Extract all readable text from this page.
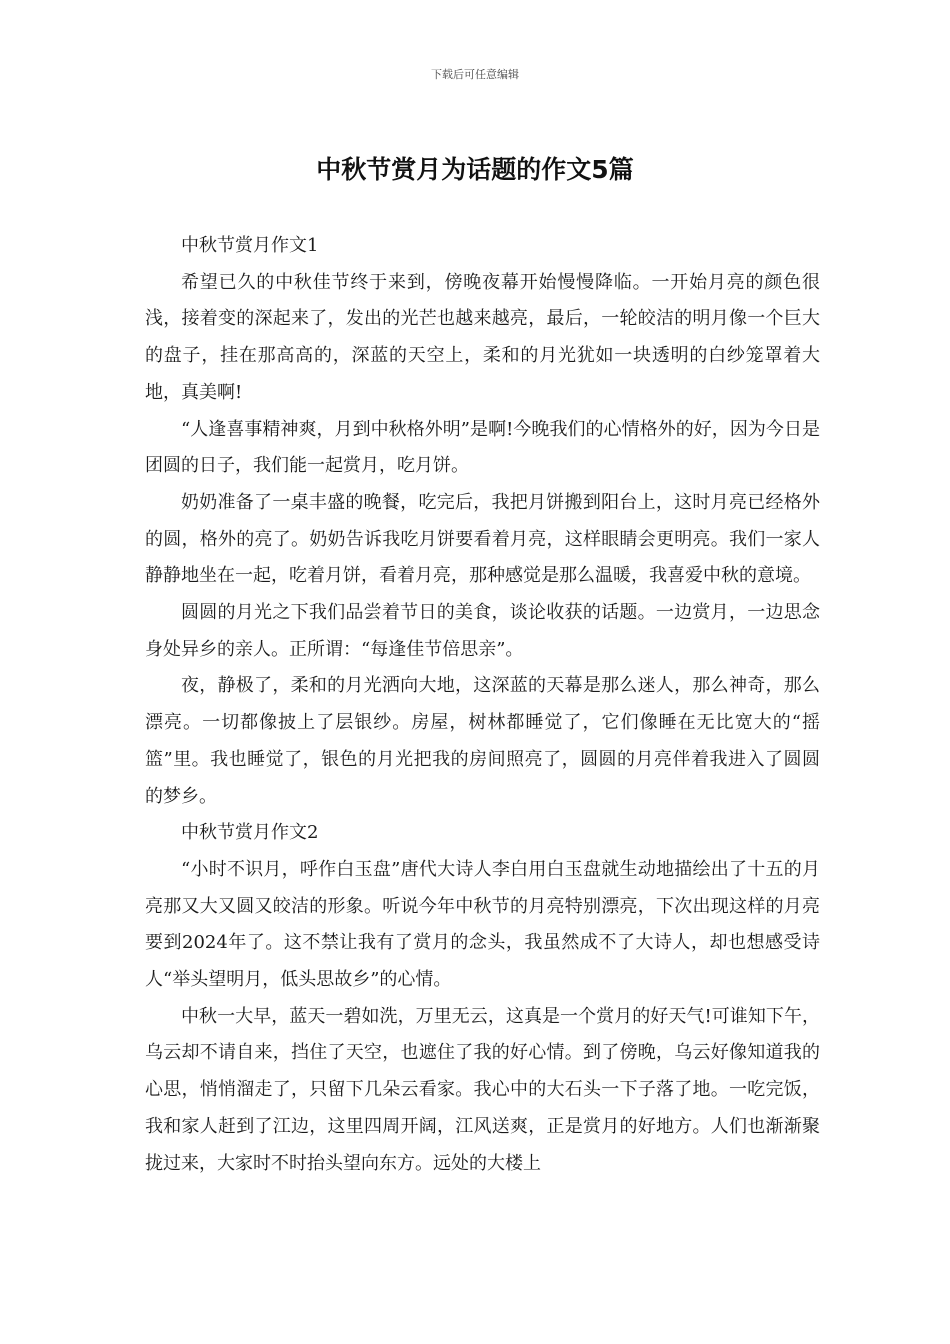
下载后可任意编辑
中秋节赏月为话题的作文5篇

中秋节赏月作文1

希望已久的中秋佳节终于来到，傍晚夜幕开始慢慢降临。一开始月亮的颜色很浅，接着变的深起来了，发出的光芒也越来越亮，最后，一轮皎洁的明月像一个巨大的盘子，挂在那高高的，深蓝的天空上，柔和的月光犹如一块透明的白纱笼罩着大地，真美啊!

“人逢喜事精神爽，月到中秋格外明”是啊!今晚我们的心情格外的好，因为今日是团圆的日子，我们能一起赏月，吃月饼。

奶奶准备了一桌丰盛的晚餐，吃完后，我把月饼搬到阳台上，这时月亮已经格外的圆，格外的亮了。奶奶告诉我吃月饼要看着月亮，这样眼睛会更明亮。我们一家人静静地坐在一起，吃着月饼，看着月亮，那种感觉是那么温暖，我喜爱中秋的意境。

圆圆的月光之下我们品尝着节日的美食，谈论收获的话题。一边赏月，一边思念身处异乡的亲人。正所谓：“每逢佳节倍思亲”。

夜，静极了，柔和的月光洒向大地，这深蓝的天幕是那么迷人，那么神奇，那么漂亮。一切都像披上了层银纱。房屋，树林都睡觉了，它们像睡在无比宽大的“摇篮”里。我也睡觉了，银色的月光把我的房间照亮了，圆圆的月亮伴着我进入了圆圆的梦乡。

中秋节赏月作文2

“小时不识月，呼作白玉盘”唐代大诗人李白用白玉盘就生动地描绘出了十五的月亮那又大又圆又皎洁的形象。听说今年中秋节的月亮特别漂亮，下次出现这样的月亮要到2024年了。这不禁让我有了赏月的念头，我虽然成不了大诗人，却也想感受诗人“举头望明月，低头思故乡”的心情。

中秋一大早，蓝天一碧如洗，万里无云，这真是一个赏月的好天气!可谁知下午，乌云却不请自来，挡住了天空，也遮住了我的好心情。到了傍晚，乌云好像知道我的心思，悄悄溜走了，只留下几朵云看家。我心中的大石头一下子落了地。一吃完饭，我和家人赶到了江边，这里四周开阔，江风送爽，正是赏月的好地方。人们也渐渐聚拢过来，大家时不时抬头望向东方。远处的大楼上
